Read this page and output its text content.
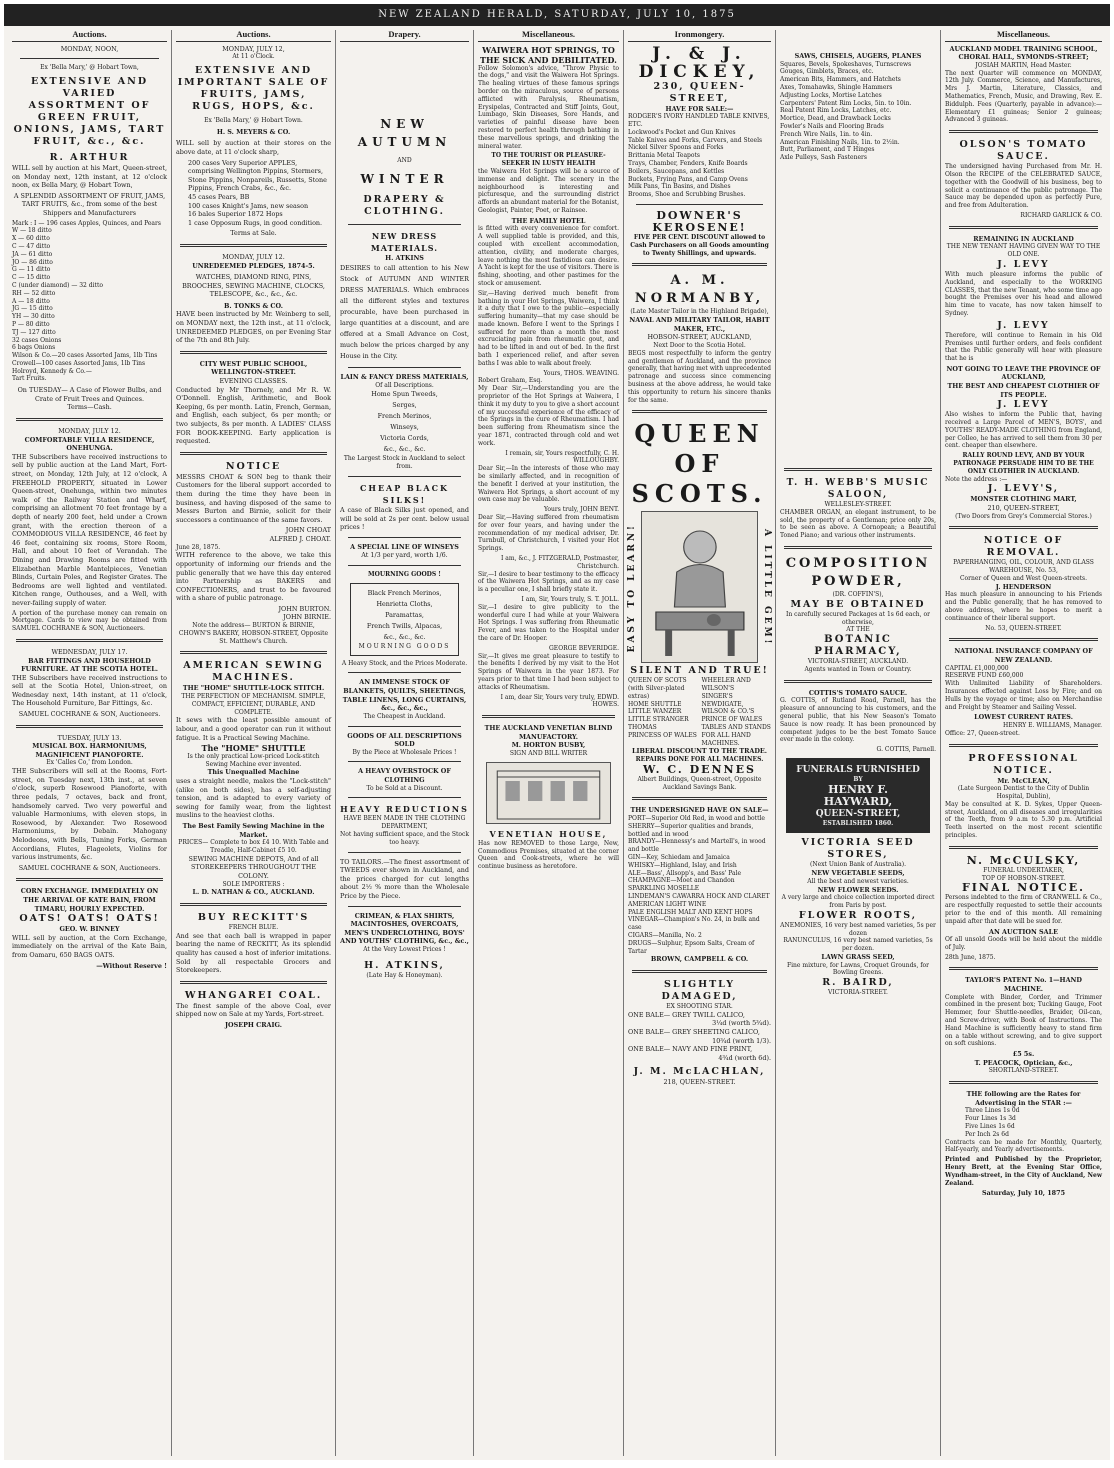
NEW ZEALAND HERALD, SATURDAY, JULY 10, 1875
Auctions.
MONDAY, NOON,
Ex 'Bella Mary,' @ Hobart Town,
EXTENSIVE AND VARIED ASSORTMENT OF GREEN FRUIT, ONIONS, JAMS, TART FRUIT, &c., &c.
R. ARTHUR

WILL sell by auction at his Mart, Queen-street, on Monday next, 12th instant, at 12 o'clock noon, ex Bella Mary, @ Hobart Town,

A SPLENDID ASSORTMENT OF FRUIT, JAMS, TART FRUITS, &c., from some of the best Shippers and Manufacturers

Mark : I — 196 cases Apples, Quinces, and Pears
W — 18 ditto
X — 60 ditto
C — 47 ditto
JA — 61 ditto
JO — 86 ditto
G — 11 ditto
C — 15 ditto
C (under diamond) — 32 ditto
RH — 52 ditto
A — 18 ditto
JG — 15 ditto
YH — 30 ditto
P — 80 ditto
TJ — 127 ditto
32 cases Onions
6 bags Onions
Wilson & Co.—20 cases Assorted Jams, 1lb Tins
Crowell—100 cases Assorted Jams, 1lb Tins
Holroyd, Kennedy & Co.—
Tart Fruits.
On TUESDAY— A Case of Flower Bulbs, and Crate of Fruit Trees and Quinces.
Terms—Cash.
MONDAY, JULY 12.
COMFORTABLE VILLA RESIDENCE, ONEHUNGA.

THE Subscribers have received instructions to sell by public auction at the Land Mart, Fort-street, on Monday, 12th July, at 12 o'clock, A FREEHOLD PROPERTY, situated in Lower Queen-street, Onehunga, within two minutes walk of the Railway Station and Wharf, comprising an allotment 70 feet frontage by a depth of nearly 200 feet, held under a Crown grant, with the erection thereon of a COMMODIOUS VILLA RESIDENCE, 46 feet by 46 feet, containing six rooms, Store Room, Hall, and about 10 feet of Verandah. The Dining and Drawing Rooms are fitted with Elizabethan Marble Mantelpieces, Venetian Blinds, Curtain Poles, and Register Grates. The Bedrooms are well lighted and ventilated. Kitchen range, Outhouses, and a Well, with never-failing supply of water.

A portion of the purchase money can remain on Mortgage. Cards to view may be obtained from SAMUEL COCHRANE & SON, Auctioneers.

WEDNESDAY, JULY 17.
BAR FITTINGS AND HOUSEHOLD FURNITURE. AT THE SCOTIA HOTEL.

THE Subscribers have received instructions to sell at the Scotia Hotel, Union-street, on Wednesday next, 14th instant, at 11 o'clock, The Household Furniture, Bar Fittings, &c.

SAMUEL COCHRANE & SON, Auctioneers.
TUESDAY, JULY 13.
MUSICAL BOX. HARMONIUMS, MAGNIFICENT PIANOFORTE.
Ex 'Calles Co,' from London.

THE Subscribers will sell at the Rooms, Fort-street, on Tuesday next, 13th inst., at seven o'clock, superb Rosewood Pianoforte, with three pedals, 7 octaves, back and front, handsomely carved. Two very powerful and valuable Harmoniums, with eleven stops, in Rosewood, by Alexander. Two Rosewood Harmoniums, by Debain. Mahogany Melodeons, with Bells, Tuning Forks, German Accordians, Flutes, Flageolets, Violins for various instruments, &c.

SAMUEL COCHRANE & SON, Auctioneers.
CORN EXCHANGE. IMMEDIATELY ON THE ARRIVAL OF KATE BAIN, FROM TIMARU, HOURLY EXPECTED.
OATS! OATS! OATS!
GEO. W. BINNEY

WILL sell by auction, at the Corn Exchange, immediately on the arrival of the Kate Bain, from Oamaru, 650 BAGS OATS.

—Without Reserve !
Auctions.
MONDAY, JULY 12,
At 11 o'Clock.
EXTENSIVE AND IMPORTANT SALE OF FRUITS, JAMS, RUGS, HOPS, &c.
Ex 'Bella Mary,' @ Hobart Town.
H. S. MEYERS & CO.

WILL sell by auction at their stores on the above date, at 11 o'clock sharp,

200 cases Very Superior APPLES, comprising Wellington Pippins, Stermers, Stone Pippins, Nonpareils, Russetts, Stone Pippins, French Crabs, &c., &c.
45 cases Pears, BB
100 cases Knight's Jams, new season
16 bales Superior 1872 Hops
1 case Opposum Rugs, in good condition.
Terms at Sale.
MONDAY, JULY 12.
UNREDEEMED PLEDGES, 1874-5.
WATCHES, DIAMOND RING, PINS, BROOCHES, SEWING MACHINE, CLOCKS, TELESCOPE, &c., &c., &c.
B. TONKS & CO.

HAVE been instructed by Mr. Weinberg to sell, on MONDAY next, the 12th inst., at 11 o'clock, UNREDEEMED PLEDGES, on per Evening Star of the 7th and 8th July.

CITY WEST PUBLIC SCHOOL, WELLINGTON-STREET.
EVENING CLASSES.

Conducted by Mr Thornely, and Mr R. W. O'Donnell. English, Arithmetic, and Book Keeping, 6s per month. Latin, French, German, and English, each subject, 6s per month; or two subjects, 8s per month. A LADIES' CLASS FOR BOOK-KEEPING. Early application is requested.

NOTICE

MESSRS CHOAT & SON beg to thank their Customers for the liberal support accorded to them during the time they have been in business, and having disposed of the same to Messrs Burton and Birnie, solicit for their successors a continuance of the same favors.

JOHN CHOAT
ALFRED J. CHOAT.
June 28, 1875.

WITH reference to the above, we take this opportunity of informing our friends and the public generally that we have this day entered into Partnership as BAKERS and CONFECTIONERS, and trust to be favoured with a share of public patronage.

JOHN BURTON.
JOHN BIRNIE.
Note the address— BURTON & BIRNIE, CHOWN'S BAKERY, HOBSON-STREET, Opposite St. Matthew's Church.
AMERICAN SEWING MACHINES.
THE "HOME" SHUTTLE-LOCK STITCH.
THE PERFECTION OF MECHANISM. SIMPLE, COMPACT, EFFICIENT, DURABLE, AND COMPLETE.

It sews with the least possible amount of labour, and a good operator can run it without fatigue. It is a Practical Sewing Machine.

The "HOME" SHUTTLE
Is the only practical Low-priced Lock-stitch Sewing Machine ever invented.
This Unequalled Machine

uses a straight needle, makes the "Lock-stitch" (alike on both sides), has a self-adjusting tension, and is adapted to every variety of sewing for family wear, from the lightest muslins to the heaviest cloths.

The Best Family Sewing Machine in the Market.
PRICES— Complete to box £4 10. With Table and Treadle, Half-Cabinet £5 10.
SEWING MACHINE DEPOTS, And of all STOREKEEPERS THROUGHOUT THE COLONY.
SOLE IMPORTERS :
L. D. NATHAN & CO., AUCKLAND.
BUY RECKITT'S
FRENCH BLUE.

And see that each ball is wrapped in paper bearing the name of RECKITT, As its splendid quality has caused a host of inferior imitations. Sold by all respectable Grocers and Storekeepers.

WHANGAREI COAL.

The finest sample of the above Coal, ever shipped now on Sale at my Yards, Fort-street.

JOSEPH CRAIG.
Drapery.
NEW AUTUMN
AND
WINTER
DRAPERY & CLOTHING.
NEW DRESS MATERIALS.
H. ATKINS

DESIRES to call attention to his New Stock of AUTUMN AND WINTER DRESS MATERIALS. Which embraces all the different styles and textures procurable, have been purchased in large quantities at a discount, and are offered at a Small Advance on Cost, much below the prices charged by any House in the City.

LAIN & FANCY DRESS MATERIALS,
Of all Descriptions.
Home Spun Tweeds,
Serges,
French Merinos,
Winseys,
Victoria Cords,
&c., &c., &c.
The Largest Stock in Auckland to select from.
CHEAP BLACK SILKS!

A case of Black Silks just opened, and will be sold at 2s per cent. below usual prices !

A SPECIAL LINE OF WINSEYS
At 1/3 per yard, worth 1/6.
MOURNING GOODS !
Black French Merinos,
Henrietta Cloths,
Paramattas,
French Twills, Alpacas,
&c., &c., &c.
MOURNING GOODS
A Heavy Stock, and the Prices Moderate.
AN IMMENSE STOCK OF BLANKETS, QUILTS, SHEETINGS, TABLE LINENS, LONG CURTAINS, &c., &c., &c.,
The Cheapest in Auckland.
GOODS OF ALL DESCRIPTIONS SOLD
By the Piece at Wholesale Prices !
A HEAVY OVERSTOCK OF CLOTHING
To be Sold at a Discount.
HEAVY REDUCTIONS
HAVE BEEN MADE IN THE CLOTHING DEPARTMENT,
Not having sufficient space, and the Stock too heavy.

TO TAILORS.—The finest assortment of TWEEDS ever shown in Auckland, and the prices charged for cut lengths about 2½ % more than the Wholesale Price by the Piece.

CRIMEAN, & FLAX SHIRTS, MACINTOSHES, OVERCOATS, MEN'S UNDERCLOTHING, BOYS' AND YOUTHS' CLOTHING, &c., &c.,
At the Very Lowest Prices !
H. ATKINS,
(Late Hay & Honeyman).
Miscellaneous.
WAIWERA HOT SPRINGS, TO THE SICK AND DEBILITATED.

Follow Solomon's advice, "Throw Physic to the dogs," and visit the Waiwera Hot Springs. The healing virtues of these famous springs border on the miraculous, source of persons afflicted with Paralysis, Rheumatism, Erysipelas, Contracted and Stiff Joints, Gout, Lumbago, Skin Diseases, Sore Hands, and varieties of painful disease have been restored to perfect health through bathing in these marvellous springs, and drinking the mineral water.

TO THE TOURIST OR PLEASURE-SEEKER IN LUSTY HEALTH

the Waiwera Hot Springs will be a source of immense and delight. The scenery in the neighbourhood is interesting and picturesque, and the surrounding district affords an abundant material for the Botanist, Geologist, Painter, Poet, or Rainsee.

THE FAMILY HOTEL

is fitted with every convenience for comfort. A well supplied table is provided, and this, coupled with excellent accommodation, attention, civility, and moderate charges, leave nothing the most fastidious can desire. A Yacht is kept for the use of visitors. There is fishing, shooting, and other pastimes for the stock or amusement.

Sir,—Having derived much benefit from bathing in your Hot Springs, Waiwera, I think it a duty that I owe to the public—especially suffering humanity—that my case should be made known. Before I went to the Springs I suffered for more than a month the most excruciating pain from rheumatic gout, and had to be lifted in and out of bed. In the first bath I experienced relief, and after seven baths I was able to walk about freely.

Yours, THOS. WEAVING.
Robert Graham, Esq.

My Dear Sir,—Understanding you are the proprietor of the Hot Springs at Waiwera, I think it my duty to you to give a short account of my successful experience of the efficacy of the Springs in the cure of Rheumatism. I had been suffering from Rheumatism since the year 1871, contracted through cold and wet work.

I remain, sir, Yours respectfully, C. H. WILLOUGHBY.

Dear Sir,—In the interests of those who may be similarly affected, and in recognition of the benefit I derived at your institution, the Waiwera Hot Springs, a short account of my own case may be valuable.

Yours truly, JOHN BENT.

Dear Sir,—Having suffered from rheumatism for over four years, and having under the recommendation of my medical adviser, Dr. Turnbull, of Christchurch, I visited your Hot Springs.

I am, &c., J. FITZGERALD, Postmaster, Christchurch.

Sir,—I desire to bear testimony to the efficacy of the Waiwera Hot Springs, and as my case is a peculiar one, I shall briefly state it.

I am, Sir, Yours truly, S. T. JOLL.

Sir,—I desire to give publicity to the wonderful cure I had while at your Waiwera Hot Springs. I was suffering from Rheumatic Fever, and was taken to the Hospital under the care of Dr. Hooper.

GEORGE BEVERIDGE.

Sir,—It gives me great pleasure to testify to the benefits I derived by my visit to the Hot Springs of Waiwera in the year 1873. For years prior to that time I had been subject to attacks of Rheumatism.

I am, dear Sir, Yours very truly, EDWD. HOWES.
THE AUCKLAND VENETIAN BLIND MANUFACTORY.
M. HORTON BUSBY,
SIGN AND BILL WRITER
VENETIAN HOUSE,

Has now REMOVED to those Large, New, Commodious Premises, situated at the corner Queen and Cook-streets, where he will continue business as heretofore.

Ironmongery.
J. & J. DICKEY,
230, QUEEN-STREET,
HAVE FOR SALE:—
RODGER'S IVORY HANDLED TABLE KNIVES, ETC.
Lockwood's Pocket and Gun Knives
Table Knives and Forks, Carvers, and Steels
Nickel Silver Spoons and Forks
Brittania Metal Teapots
Trays, Chamber, Fenders, Knife Boards
Boilers, Saucepans, and Kettles
Buckets, Frying Pans, and Camp Ovens
Milk Pans, Tin Basins, and Dishes
Brooms, Shoe and Scrubbing Brushes.
DOWNER'S KEROSENE!
FIVE PER CENT. DISCOUNT allowed to Cash Purchasers on all Goods amounting to Twenty Shillings, and upwards.
A. M. NORMANBY,
(Late Master Tailor in the Highland Brigade),
NAVAL AND MILITARY TAILOR, HABIT MAKER, ETC.,
HOBSON-STREET, AUCKLAND,
Next Door to the Scotia Hotel.

BEGS most respectfully to inform the gentry and gentlemen of Auckland, and the province generally, that having met with unprecedented patronage and success since commencing business at the above address, he would take this opportunity to return his sincere thanks for the same.

QUEEN OF SCOTS.
EASY TO LEARN!	A LITTLE GEM!
SILENT AND TRUE!
QUEEN OF SCOTS (with Silver-plated extras)
HOME SHUTTLE
LITTLE WANZER
LITTLE STRANGER
THOMAS
PRINCESS OF WALES
WHEELER AND WILSON'S
SINGER'S
NEWDIGATE, WILSON & CO.'S PRINCE OF WALES
TABLES AND STANDS FOR ALL HAND MACHINES.
LIBERAL DISCOUNT TO THE TRADE.
REPAIRS DONE FOR ALL MACHINES.
W. C. DENNES
Albert Buildings, Queen-street, Opposite Auckland Savings Bank.
THE UNDERSIGNED HAVE ON SALE—
PORT—Superior Old Red, in wood and bottle
SHERRY—Superior qualities and brands, bottled and in wood
BRANDY—Hennessy's and Martell's, in wood and bottle
GIN—Key, Schiedam and Jamaica
WHISKY—Highland, Islay, and Irish
ALE—Bass', Allsopp's, and Bass' Pale
CHAMPAGNE—Moet and Chandon
SPARKLING MOSELLE
LINDEMAN'S CAWARRA HOCK AND CLARET
AMERICAN LIGHT WINE
PALE ENGLISH MALT AND KENT HOPS
VINEGAR—Champion's No. 24, in bulk and case
CIGARS—Manilla, No. 2
DRUGS—Sulphur, Epsom Salts, Cream of Tartar
BROWN, CAMPBELL & CO.
SLIGHTLY DAMAGED,
EX SHOOTING STAR.
ONE BALE— GREY TWILL CALICO,
3¼d (worth 5¾d).
ONE BALE— GREY SHEETING CALICO,
10¾d (worth 1/3).
ONE BALE— NAVY AND FINE PRINT,
4¾d (worth 6d).
J. M. McLACHLAN,
218, QUEEN-STREET.
SAWS, CHISELS, AUGERS, PLANES
Squares, Bevels, Spokeshaves, Turnscrews
Gouges, Gimblets, Braces, etc.
American Bits, Hammers, and Hatchets
Axes, Tomahawks, Shingle Hammers
Adjusting Locks, Mortise Latches
Carpenters' Patent Rim Locks, 5in. to 10in.
Real Patent Rim Locks, Latches, etc.
Mortice, Dead, and Drawback Locks
Fowler's Nails and Flooring Brads
French Wire Nails, 1in. to 4in.
American Finishing Nails, 1in. to 2½in.
Butt, Parliament, and T Hinges
Axle Pulleys, Sash Fasteners
T. H. WEBB'S MUSIC SALOON,
WELLESLEY-STREET.

CHAMBER ORGAN, an elegant instrument, to be sold, the property of a Gentleman; price only 20s, to be seen as above. A Cornopean; a Beautiful Toned Piano; and various other instruments.

COMPOSITION POWDER,
(DR. COFFIN'S),
MAY BE OBTAINED
In carefully secured Packages at 1s 6d each, or otherwise,
AT THE
BOTANIC PHARMACY,
VICTORIA-STREET, AUCKLAND.
Agents wanted in Town or Country.
COTTIS'S TOMATO SAUCE.

G. COTTIS, of Rutland Road, Parnell, has the pleasure of announcing to his customers, and the general public, that his New Season's Tomato Sauce is now ready. It has been pronounced by competent judges to be the best Tomato Sauce ever made in the colony.

G. COTTIS, Parnell.
FUNERALS FURNISHED
BY
HENRY F. HAYWARD,
QUEEN-STREET,
ESTABLISHED 1860.
VICTORIA SEED STORES,
(Next Union Bank of Australia).
NEW VEGETABLE SEEDS,
All the best and newest varieties.
NEW FLOWER SEEDS.
A very large and choice collection imported direct from Paris by post.
FLOWER ROOTS,
ANEMONIES, 16 very best named varieties, 5s per dozen
RANUNCULUS, 16 very best named varieties, 5s per dozen.
LAWN GRASS SEED,
Fine mixture, for Lawns, Croquet Grounds, for Bowling Greens.
R. BAIRD,
VICTORIA-STREET.
Miscellaneous.
AUCKLAND MODEL TRAINING SCHOOL, CHORAL HALL, SYMONDS-STREET;
JOSIAH MARTIN, Head Master.

The next Quarter will commence on MONDAY, 12th July. Commerce, Science, and Manufactures, Mrs J. Martin, Literature, Classics, and Mathematics, French, Music, and Drawing, Rev. E. Biddulph. Fees (Quarterly, payable in advance):— Elementary £1 guineas; Senior 2 guineas; Advanced 3 guineas.

OLSON'S TOMATO SAUCE.

The undersigned having Purchased from Mr. H. Olson the RECIPE of the CELEBRATED SAUCE, together with the Goodwill of his business, beg to solicit a continuance of the public patronage. The Sauce may be depended upon as perfectly Pure, and free from Adulteration.

RICHARD GARLICK & CO.
REMAINING IN AUCKLAND
THE NEW TENANT HAVING GIVEN WAY TO THE OLD ONE.
J. LEVY

With much pleasure informs the public of Auckland, and especially to the WORKING CLASSES, that the new Tenant, who some time ago bought the Premises over his head and allowed him time to vacate, has now taken himself to Sydney.

J. LEVY

Therefore, will continue to Remain in his Old Premises until further orders, and feels confident that the Public generally will hear with pleasure that he is

NOT GOING TO LEAVE THE PROVINCE OF AUCKLAND,
THE BEST AND CHEAPEST CLOTHIER OF ITS PEOPLE.
J. LEVY

Also wishes to inform the Public that, having received a Large Parcel of MEN'S, BOYS', and YOUTHS' READY-MADE CLOTHING from England, per Colleo, he has arrived to sell them from 30 per cent. cheaper than elsewhere.

RALLY ROUND LEVY, AND BY YOUR PATRONAGE PERSUADE HIM TO BE THE ONLY CLOTHIER IN AUCKLAND.
Note the address :—
J. LEVY'S,
MONSTER CLOTHING MART,
210, QUEEN-STREET,
(Two Doors from Grey's Commercial Stores.)
NOTICE OF REMOVAL.
PAPERHANGING, OIL, COLOUR, AND GLASS WAREHOUSE, No. 53,
Corner of Queen and West Queen-streets.
J. HENDERSON

Has much pleasure in announcing to his Friends and the Public generally, that he has removed to above address, where he hopes to merit a continuance of their liberal support.

No. 53, QUEEN-STREET.
NATIONAL INSURANCE COMPANY OF NEW ZEALAND.
CAPITAL £1,000,000
RESERVE FUND £60,000

With Unlimited Liability of Shareholders. Insurances effected against Loss by Fire; and on Hulls by the voyage or time; also on Merchandise and Freight by Steamer and Sailing Vessel.

LOWEST CURRENT RATES.
HENRY E. WILLIAMS, Manager.
Office: 27, Queen-street.
PROFESSIONAL NOTICE.
Mr. McCLEAN,
(Late Surgeon Dentist to the City of Dublin Hospital, Dublin),

May be consulted at K. D. Sykes, Upper Queen-street, Auckland, on all diseases and irregularities of the Teeth, from 9 a.m to 5.30 p.m. Artificial Teeth inserted on the most recent scientific principles.

N. McCULSKY,
FUNERAL UNDERTAKER,
TOP OF HOBSON-STREET.
FINAL NOTICE.

Persons indebted to the firm of CRANWELL & Co., are respectfully requested to settle their accounts prior to the end of this month. All remaining unpaid after that date will be sued for.

AN AUCTION SALE

Of all unsold Goods will be held about the middle of July.

28th June, 1875.
TAYLOR'S PATENT No. 1—HAND MACHINE.

Complete with Binder, Corder, and Trimmer combined in the present box; Tucking Gauge, Foot Hemmer, four Shuttle-needles, Braider, Oil-can, and Screw-driver, with Book of Instructions. The Hand Machine is sufficiently heavy to stand firm on a table without screwing, and to give support on soft cushions.

£5 5s.
T. PEACOCK, Optician, &c.,
SHORTLAND-STREET.
THE following are the Rates for Advertising in the STAR :—
Three Lines 1s 0d
Four Lines 1s 3d
Five Lines 1s 6d
Per Inch 2s 6d

Contracts can be made for Monthly, Quarterly, Half-yearly, and Yearly advertisements.

Printed and Published by the Proprietor, Henry Brett, at the Evening Star Office, Wyndham-street, in the City of Auckland, New Zealand.

Saturday, July 10, 1875
